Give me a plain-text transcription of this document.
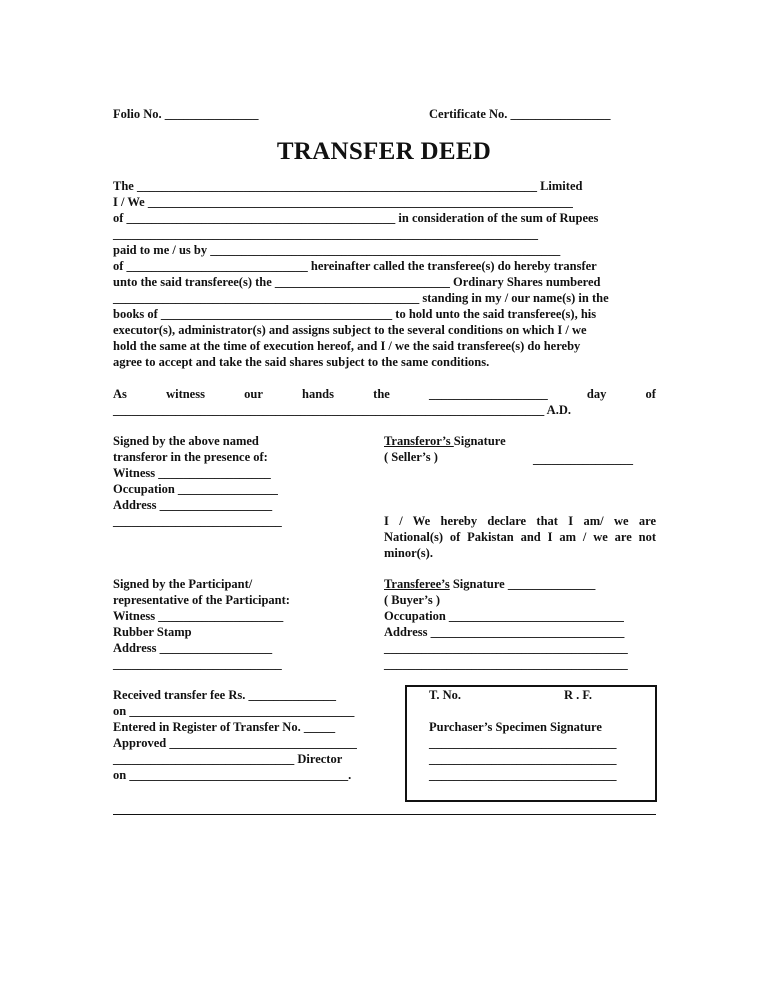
Folio No. _______________	Certificate No. ________________
TRANSFER DEED
The ________________________________________________________________ Limited
I / We ____________________________________________________________________
of ___________________________________________ in consideration of the sum of Rupees
____________________________________________________________________
paid to me / us by ________________________________________________________
of _____________________________ hereinafter called the transferee(s) do hereby transfer
unto the said transferee(s) the ____________________________ Ordinary Shares numbered
_________________________________________________ standing in my / our name(s) in the
books of _____________________________________ to hold unto the said transferee(s), his
executor(s), administrator(s) and assigns subject to the several conditions on which I / we
hold the same at the time of execution hereof, and I / we the said transferee(s) do hereby
agree to accept and take the said shares subject to the same conditions.
As	witness	our	hands	the	___________________	day	of
_____________________________________________________________________ A.D.
Signed by the above named
transferor in the presence of:
Witness __________________
Occupation ________________
Address __________________
___________________________
Transferor’s Signature
( Seller’s )	________________
I / We hereby declare that I am/ we are
National(s) of Pakistan and I am / we are not
minor(s).
Signed by the Participant/
representative of the Participant:
Witness ____________________
Rubber Stamp
Address __________________
___________________________
Transferee’s Signature ______________
( Buyer’s )
Occupation ____________________________
Address _______________________________
_______________________________________
_______________________________________
Received transfer fee Rs. ______________
on ____________________________________
Entered in Register of Transfer No. _____
Approved ______________________________
_____________________________ Director
on ___________________________________.
T. No.	R . F.
Purchaser’s Specimen Signature
______________________________
______________________________
______________________________
